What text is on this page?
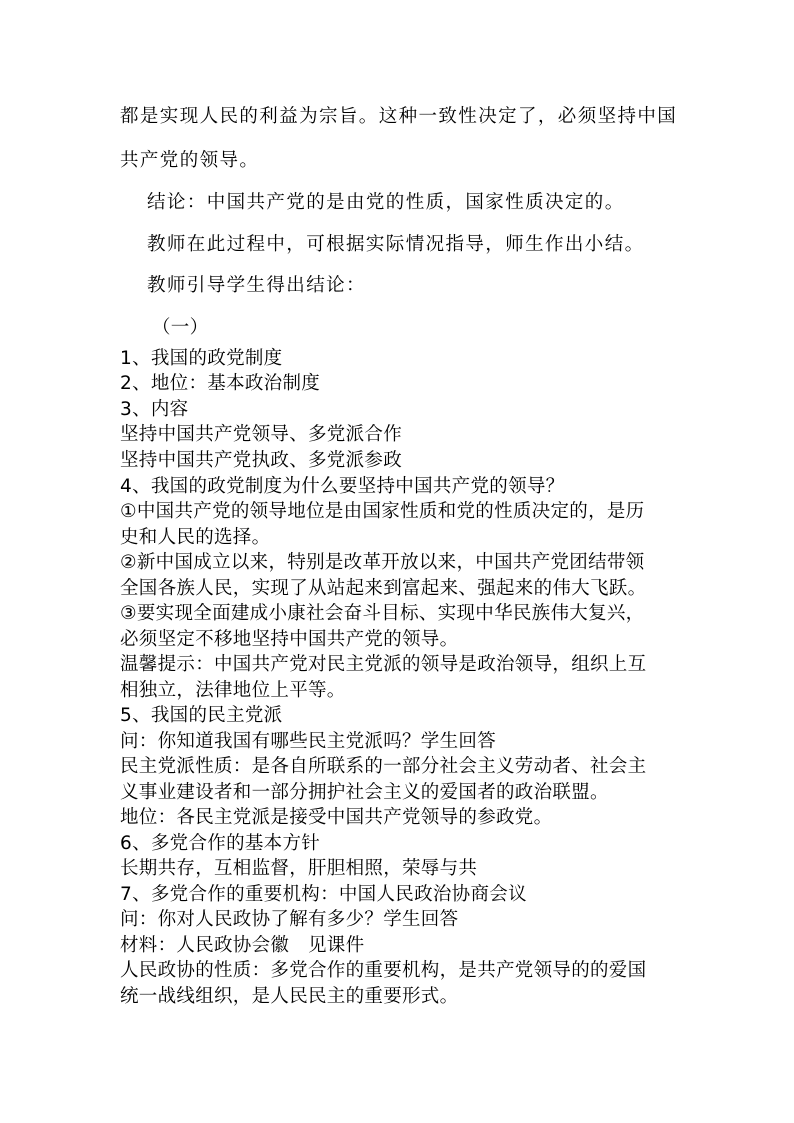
都是实现人民的利益为宗旨。这种一致性决定了，必须坚持中国
共产党的领导。
结论：中国共产党的是由党的性质，国家性质决定的。
教师在此过程中，可根据实际情况指导，师生作出小结。
教师引导学生得出结论：
（一）
1、我国的政党制度
2、地位：基本政治制度
3、内容
坚持中国共产党领导、多党派合作
坚持中国共产党执政、多党派参政
4、我国的政党制度为什么要坚持中国共产党的领导？
①中国共产党的领导地位是由国家性质和党的性质决定的，是历
史和人民的选择。
②新中国成立以来，特别是改革开放以来，中国共产党团结带领
全国各族人民，实现了从站起来到富起来、强起来的伟大飞跃。
③要实现全面建成小康社会奋斗目标、实现中华民族伟大复兴，
必须坚定不移地坚持中国共产党的领导。
温馨提示：中国共产党对民主党派的领导是政治领导，组织上互
相独立，法律地位上平等。
5、我国的民主党派
问：你知道我国有哪些民主党派吗？学生回答
民主党派性质：是各自所联系的一部分社会主义劳动者、社会主
义事业建设者和一部分拥护社会主义的爱国者的政治联盟。
地位：各民主党派是接受中国共产党领导的参政党。
6、多党合作的基本方针
长期共存，互相监督，肝胆相照，荣辱与共
7、多党合作的重要机构：中国人民政治协商会议
问：你对人民政协了解有多少？学生回答
材料：人民政协会徽　见课件
人民政协的性质：多党合作的重要机构，是共产党领导的的爱国
统一战线组织，是人民民主的重要形式。
